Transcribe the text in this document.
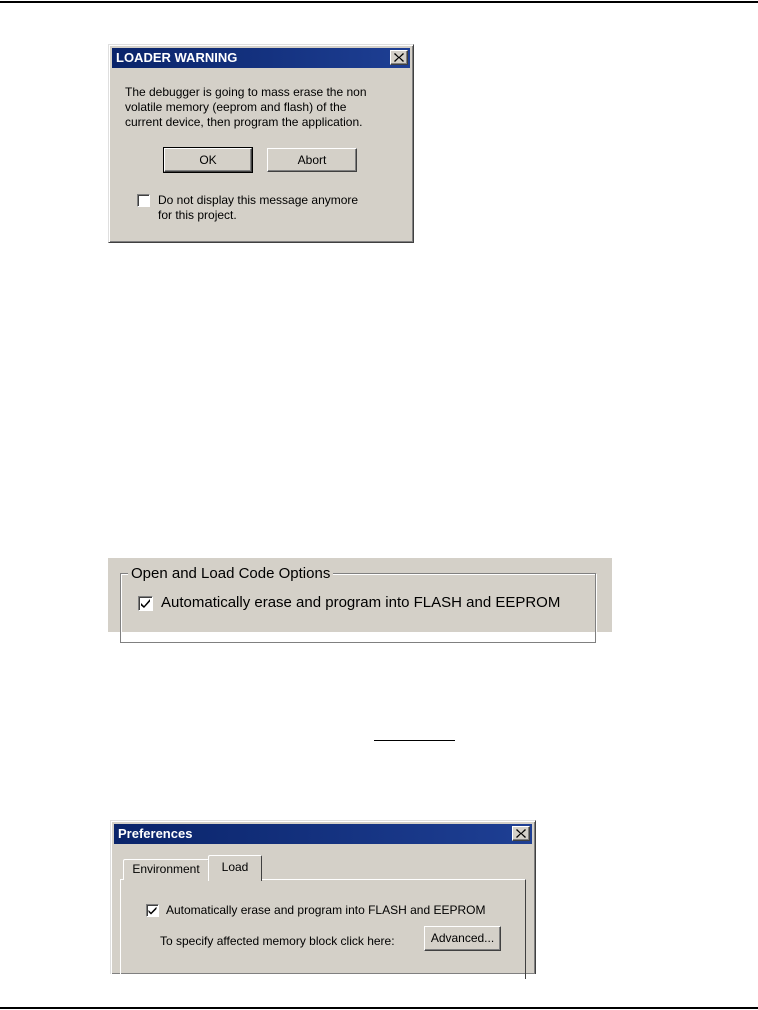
LOADER WARNING
The debugger is going to mass erase the non
volatile memory (eeprom and flash) of the
current device, then program the application.
OK	Abort
Do not display this message anymore
for this project.
Open and Load Code Options
Automatically erase and program into FLASH and EEPROM
Preferences
Environment	Load
Automatically erase and program into FLASH and EEPROM
To specify affected memory block click here:	Advanced...
